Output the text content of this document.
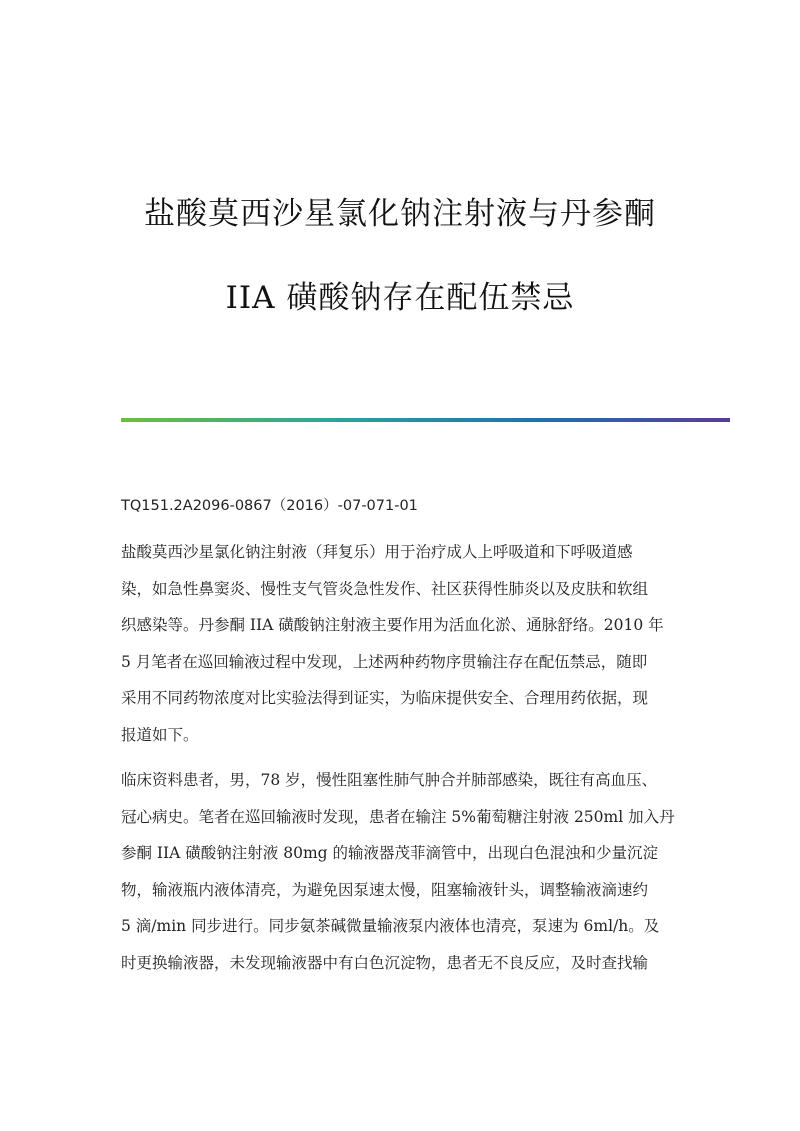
盐酸莫西沙星氯化钠注射液与丹参酮
IIA 磺酸钠存在配伍禁忌
TQ151.2A2096-0867（2016）-07-071-01
盐酸莫西沙星氯化钠注射液（拜复乐）用于治疗成人上呼吸道和下呼吸道感
染，如急性鼻窦炎、慢性支气管炎急性发作、社区获得性肺炎以及皮肤和软组
织感染等。丹参酮 IIA 磺酸钠注射液主要作用为活血化淤、通脉舒络。2010 年
5 月笔者在巡回输液过程中发现，上述两种药物序贯输注存在配伍禁忌，随即
采用不同药物浓度对比实验法得到证实，为临床提供安全、合理用药依据，现
报道如下。
临床资料患者，男，78 岁，慢性阻塞性肺气肿合并肺部感染，既往有高血压、
冠心病史。笔者在巡回输液时发现，患者在输注 5%葡萄糖注射液 250ml 加入丹
参酮 IIA 磺酸钠注射液 80mg 的输液器茂菲滴管中，出现白色混浊和少量沉淀
物，输液瓶内液体清亮，为避免因泵速太慢，阻塞输液针头，调整输液滴速约
5 滴/min 同步进行。同步氨茶碱微量输液泵内液体也清亮，泵速为 6ml/h。及
时更换输液器，未发现输液器中有白色沉淀物，患者无不良反应，及时查找输
